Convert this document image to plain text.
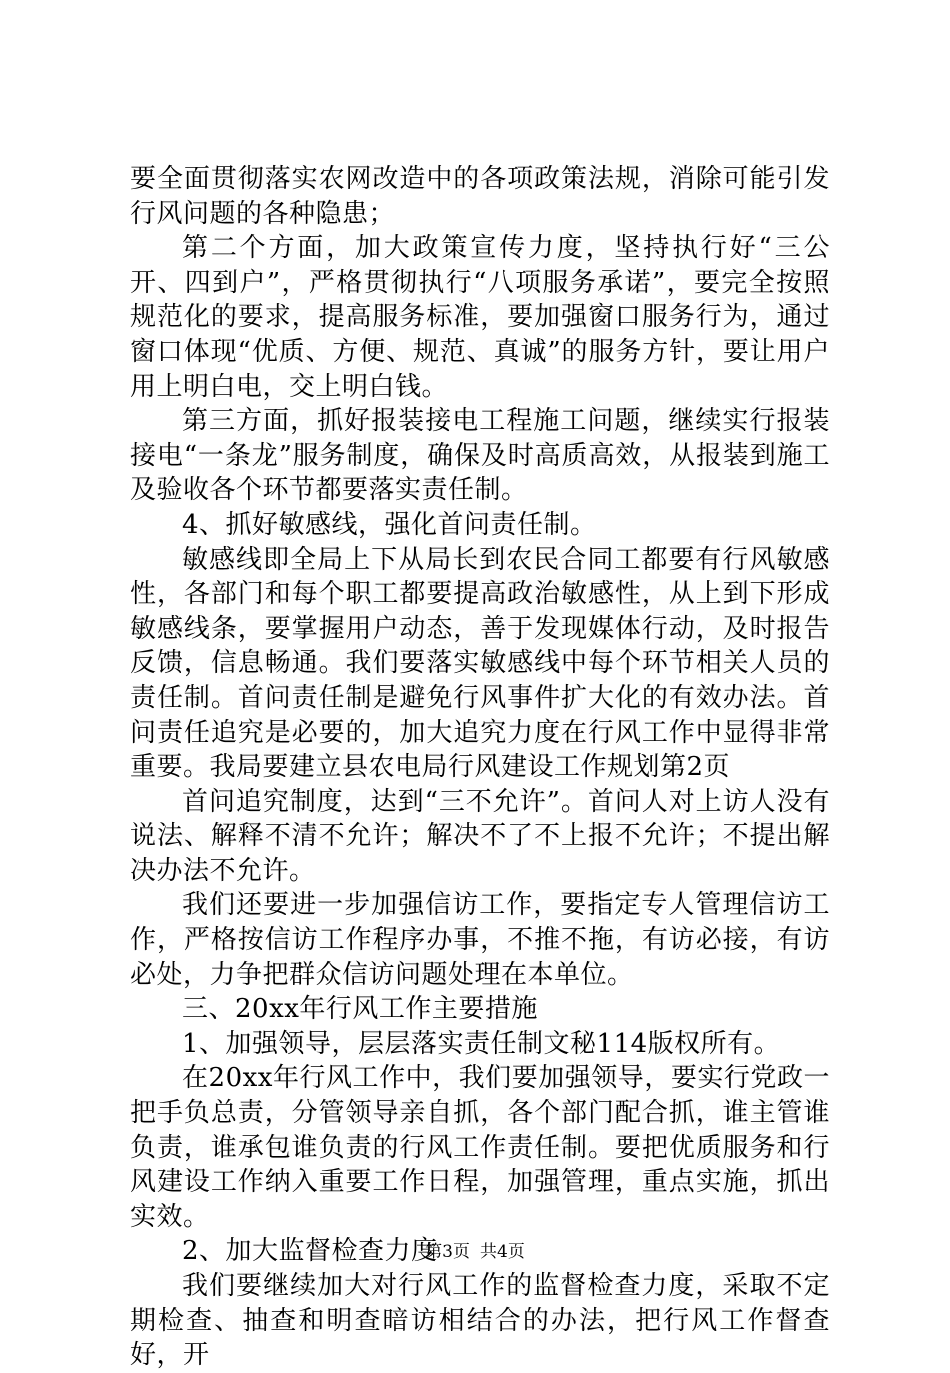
要全面贯彻落实农网改造中的各项政策法规，消除可能引发行风问题的各种隐患；

第二个方面，加大政策宣传力度，坚持执行好“三公开、四到户”，严格贯彻执行“八项服务承诺”，要完全按照规范化的要求，提高服务标准，要加强窗口服务行为，通过窗口体现“优质、方便、规范、真诚”的服务方针，要让用户用上明白电，交上明白钱。

第三方面，抓好报装接电工程施工问题，继续实行报装接电“一条龙”服务制度，确保及时高质高效，从报装到施工及验收各个环节都要落实责任制。

4、抓好敏感线，强化首问责任制。

敏感线即全局上下从局长到农民合同工都要有行风敏感性，各部门和每个职工都要提高政治敏感性，从上到下形成敏感线条，要掌握用户动态，善于发现媒体行动，及时报告反馈，信息畅通。我们要落实敏感线中每个环节相关人员的责任制。首问责任制是避免行风事件扩大化的有效办法。首问责任追究是必要的，加大追究力度在行风工作中显得非常重要。我局要建立县农电局行风建设工作规划第2页

首问追究制度，达到“三不允许”。首问人对上访人没有说法、解释不清不允许；解决不了不上报不允许；不提出解决办法不允许。

我们还要进一步加强信访工作，要指定专人管理信访工作，严格按信访工作程序办事，不推不拖，有访必接，有访必处，力争把群众信访问题处理在本单位。

三、20xx年行风工作主要措施

1、加强领导，层层落实责任制文秘114版权所有。

在20xx年行风工作中，我们要加强领导，要实行党政一把手负总责，分管领导亲自抓，各个部门配合抓，谁主管谁负责，谁承包谁负责的行风工作责任制。要把优质服务和行风建设工作纳入重要工作日程，加强管理，重点实施，抓出实效。

2、加大监督检查力度

我们要继续加大对行风工作的监督检查力度，采取不定期检查、抽查和明查暗访相结合的办法，把行风工作督查好，开

第3页 共4页
